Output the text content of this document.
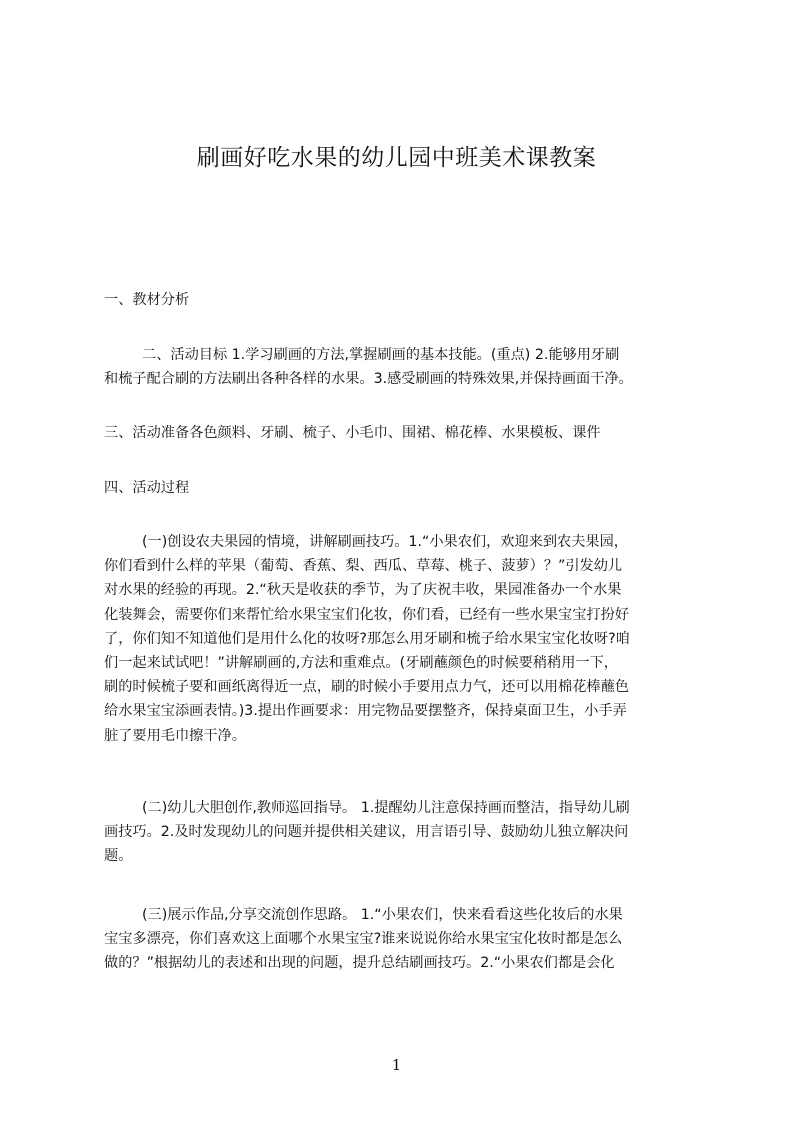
刷画好吃水果的幼儿园中班美术课教案
一、教材分析
二、活动目标 1.学习刷画的方法,掌握刷画的基本技能。(重点) 2.能够用牙刷
和梳子配合刷的方法刷出各种各样的水果。3.感受刷画的特殊效果,并保持画面干净。
三、活动准备各色颜料、牙刷、梳子、小毛巾、围裙、棉花棒、水果模板、课件
四、活动过程
(一)创设农夫果园的情境，讲解刷画技巧。1.“小果农们，欢迎来到农夫果园，
你们看到什么样的苹果（葡萄、香蕉、梨、西瓜、草莓、桃子、菠萝）？”引发幼儿
对水果的经验的再现。2.“秋天是收获的季节，为了庆祝丰收，果园准备办一个水果
化装舞会，需要你们来帮忙给水果宝宝们化妆，你们看，已经有一些水果宝宝打扮好
了，你们知不知道他们是用什么化的妆呀?那怎么用牙刷和梳子给水果宝宝化妆呀?咱
们一起来试试吧！”讲解刷画的,方法和重难点。(牙刷蘸颜色的时候要稍稍用一下，
刷的时候梳子要和画纸离得近一点，刷的时候小手要用点力气，还可以用棉花棒蘸色
给水果宝宝添画表情。)3.提出作画要求：用完物品要摆整齐，保持桌面卫生，小手弄
脏了要用毛巾擦干净。
(二)幼儿大胆创作,教师巡回指导。 1.提醒幼儿注意保持画而整洁，指导幼儿刷
画技巧。2.及时发现幼儿的问题并提供相关建议，用言语引导、鼓励幼儿独立解决问
题。
(三)展示作品,分享交流创作思路。 1.“小果农们，快来看看这些化妆后的水果
宝宝多漂亮，你们喜欢这上面哪个水果宝宝?谁来说说你给水果宝宝化妆时都是怎么
做的？”根据幼儿的表述和出现的问题，提升总结刷画技巧。2.“小果农们都是会化
1
